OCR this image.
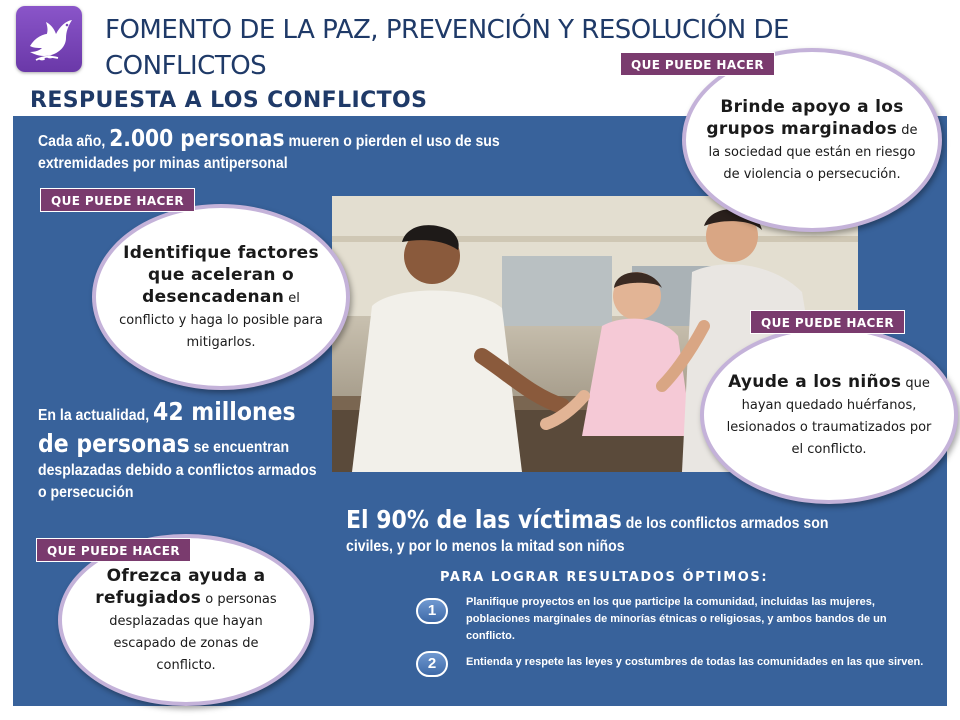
FOMENTO DE LA PAZ, PREVENCIÓN Y RESOLUCIÓN DE CONFLICTOS
RESPUESTA A LOS CONFLICTOS
Cada año, 2.000 personas mueren o pierden el uso de sus extremidades por minas antipersonal
En la actualidad, 42 millones de personas se encuentran desplazadas debido a conflictos armados o persecución
El 90% de las víctimas de los conflictos armados son civiles, y por lo menos la mitad son niños
Identifique factores que aceleran o desencadenan el conflicto y haga lo posible para mitigarlos.
Brinde apoyo a los grupos marginados de la sociedad que están en riesgo de violencia o persecución.
Ayude a los niños que hayan quedado huérfanos, lesionados o traumatizados por el conflicto.
Ofrezca ayuda a refugiados o personas desplazadas que hayan escapado de zonas de conflicto.
QUE PUEDE HACER
QUE PUEDE HACER
QUE PUEDE HACER
QUE PUEDE HACER
PARA LOGRAR RESULTADOS ÓPTIMOS:
1	Planifique proyectos en los que participe la comunidad, incluidas las mujeres, poblaciones marginales de minorías étnicas o religiosas, y ambos bandos de un conflicto.
2	Entienda y respete las leyes y costumbres de todas las comunidades en las que sirven.
